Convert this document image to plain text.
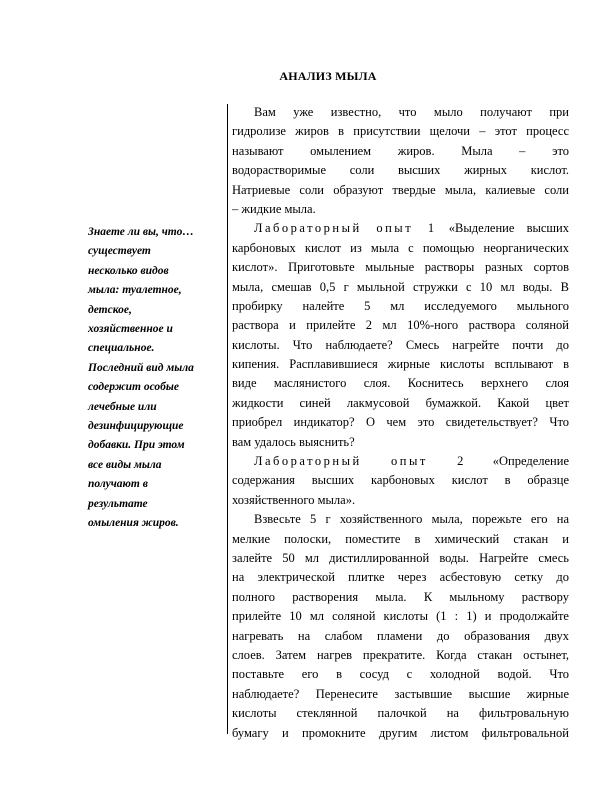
АНАЛИЗ МЫЛА
Знаете ли вы, что…
существует
несколько видов
мыла: туалетное,
детское,
хозяйственное и
специальное.
Последний вид мыла
содержит особые
лечебные или
дезинфицирующие
добавки. При этом
все виды мыла
получают в
результате
омыления жиров.
Вам уже известно, что мыло получают при
гидролизе жиров в присутствии щелочи – этот процесс
называют омылением жиров. Мыла – это
водорастворимые соли высших жирных кислот.
Натриевые соли образуют твердые мыла, калиевые соли
– жидкие мыла.
Лабораторный опыт 1 «Выделение высших
карбоновых кислот из мыла с помощью неорганических
кислот». Приготовьте мыльные растворы разных сортов
мыла, смешав 0,5 г мыльной стружки с 10 мл воды. В
пробирку налейте 5 мл исследуемого мыльного
раствора и прилейте 2 мл 10%-ного раствора соляной
кислоты. Что наблюдаете? Смесь нагрейте почти до
кипения. Расплавившиеся жирные кислоты всплывают в
виде маслянистого слоя. Коснитесь верхнего слоя
жидкости синей лакмусовой бумажкой. Какой цвет
приобрел индикатор? О чем это свидетельствует? Что
вам удалось выяснить?
Лабораторный опыт 2 «Определение
содержания высших карбоновых кислот в образце
хозяйственного мыла».
Взвесьте 5 г хозяйственного мыла, порежьте его на
мелкие полоски, поместите в химический стакан и
залейте 50 мл дистиллированной воды. Нагрейте смесь
на электрической плитке через асбестовую сетку до
полного растворения мыла. К мыльному раствору
прилейте 10 мл соляной кислоты (1 : 1) и продолжайте
нагревать на слабом пламени до образования двух
слоев. Затем нагрев прекратите. Когда стакан остынет,
поставьте его в сосуд с холодной водой. Что
наблюдаете? Перенесите застывшие высшие жирные
кислоты стеклянной палочкой на фильтровальную
бумагу и промокните другим листом фильтровальной
